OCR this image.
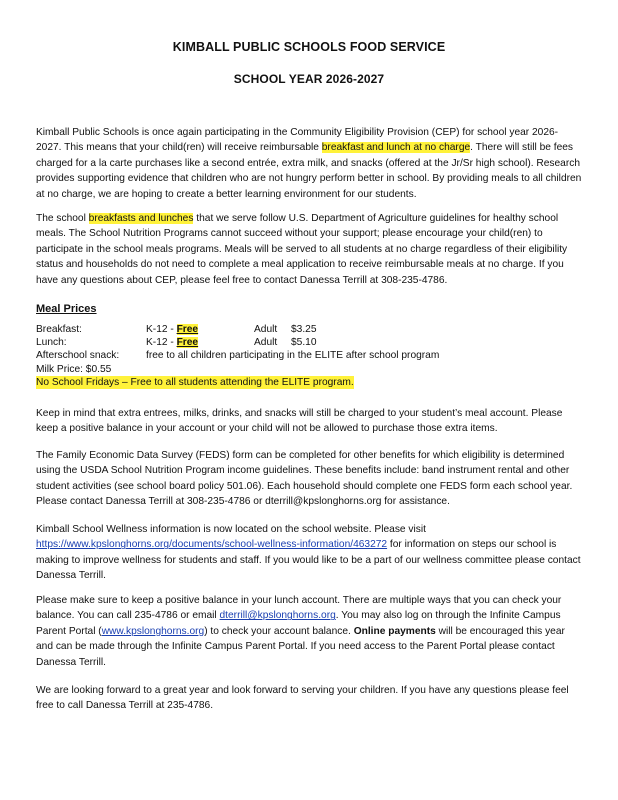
KIMBALL PUBLIC SCHOOLS FOOD SERVICE
SCHOOL YEAR 2026-2027

Kimball Public Schools is once again participating in the Community Eligibility Provision (CEP) for school year 2026-2027. This means that your child(ren) will receive reimbursable breakfast and lunch at no charge. There will still be fees charged for a la carte purchases like a second entrée, extra milk, and snacks (offered at the Jr/Sr high school). Research provides supporting evidence that children who are not hungry perform better in school. By providing meals to all children at no charge, we are hoping to create a better learning environment for our students.

The school breakfasts and lunches that we serve follow U.S. Department of Agriculture guidelines for healthy school meals. The School Nutrition Programs cannot succeed without your support; please encourage your child(ren) to participate in the school meals programs. Meals will be served to all students at no charge regardless of their eligibility status and households do not need to complete a meal application to receive reimbursable meals at no charge. If you have any questions about CEP, please feel free to contact Danessa Terrill at 308-235-4786.

Meal Prices
Breakfast:	K-12 - Free	Adult $3.25
Lunch:	K-12 - Free	Adult $5.10
Afterschool snack:	free to all children participating in the ELITE after school program
Milk Price: $0.55
No School Fridays – Free to all students attending the ELITE program.

Keep in mind that extra entrees, milks, drinks, and snacks will still be charged to your student’s meal account. Please keep a positive balance in your account or your child will not be allowed to purchase those extra items.

The Family Economic Data Survey (FEDS) form can be completed for other benefits for which eligibility is determined using the USDA School Nutrition Program income guidelines. These benefits include: band instrument rental and other student activities (see school board policy 501.06). Each household should complete one FEDS form each school year. Please contact Danessa Terrill at 308-235-4786 or dterrill@kpslonghorns.org for assistance.

Kimball School Wellness information is now located on the school website. Please visit https://www.kpslonghorns.org/documents/school-wellness-information/463272 for information on steps our school is making to improve wellness for students and staff. If you would like to be a part of our wellness committee please contact Danessa Terrill.

Please make sure to keep a positive balance in your lunch account. There are multiple ways that you can check your balance. You can call 235-4786 or email dterrill@kpslonghorns.org. You may also log on through the Infinite Campus Parent Portal (www.kpslonghorns.org) to check your account balance. Online payments will be encouraged this year and can be made through the Infinite Campus Parent Portal. If you need access to the Parent Portal please contact Danessa Terrill.

We are looking forward to a great year and look forward to serving your children. If you have any questions please feel free to call Danessa Terrill at 235-4786.
